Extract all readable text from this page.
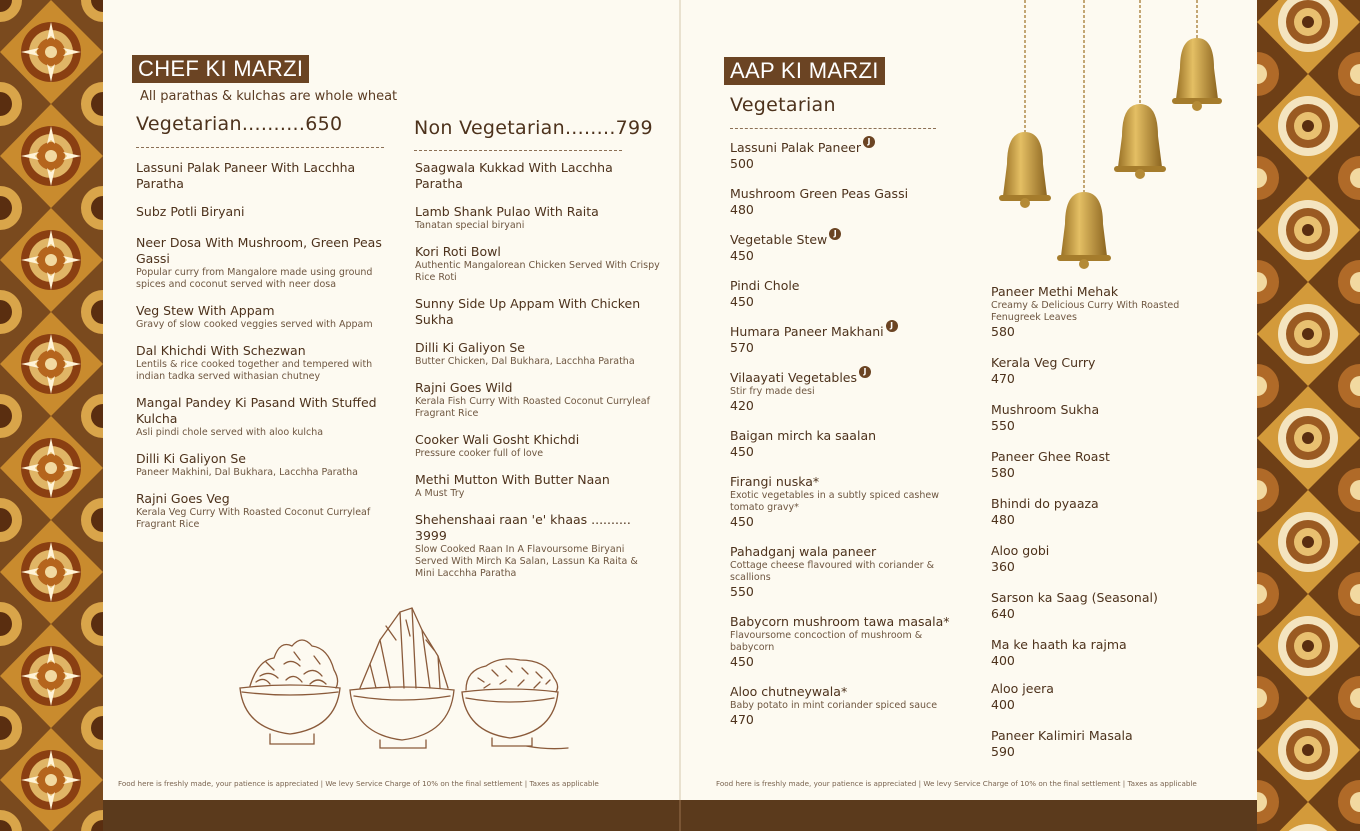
CHEF KI MARZI
All parathas & kulchas are whole wheat
Vegetarian..........650	Non Vegetarian........799
Lassuni Palak Paneer With Lacchha Paratha
Subz Potli Biryani
Neer Dosa With Mushroom, Green Peas Gassi
Popular curry from Mangalore made using ground spices and coconut served with neer dosa
Veg Stew With Appam
Gravy of slow cooked veggies served with Appam
Dal Khichdi With Schezwan
Lentils & rice cooked together and tempered with indian tadka served withasian chutney
Mangal Pandey Ki Pasand With Stuffed Kulcha
Asli pindi chole served with aloo kulcha
Dilli Ki Galiyon Se
Paneer Makhini, Dal Bukhara, Lacchha Paratha
Rajni Goes Veg
Kerala Veg Curry With Roasted Coconut Curryleaf Fragrant Rice
Saagwala Kukkad With Lacchha Paratha
Lamb Shank Pulao With Raita
Tanatan special biryani
Kori Roti Bowl
Authentic Mangalorean Chicken Served With Crispy Rice Roti
Sunny Side Up Appam With Chicken Sukha
Dilli Ki Galiyon Se
Butter Chicken, Dal Bukhara, Lacchha Paratha
Rajni Goes Wild
Kerala Fish Curry With Roasted Coconut Curryleaf Fragrant Rice
Cooker Wali Gosht Khichdi
Pressure cooker full of love
Methi Mutton With Butter Naan
A Must Try
Shehenshaai raan 'e' khaas .......... 3999
Slow Cooked Raan In A Flavoursome Biryani Served With Mirch Ka Salan, Lassun Ka Raita & Mini Lacchha Paratha
Food here is freshly made, your patience is appreciated | We levy Service Charge of 10% on the final settlement | Taxes as applicable
AAP KI MARZI
Vegetarian
Lassuni Palak Paneer J
500
Mushroom Green Peas Gassi
480
Vegetable Stew J
450
Pindi Chole
450
Humara Paneer Makhani J
570
Vilaayati Vegetables J
Stir fry made desi
420
Baigan mirch ka saalan
450
Firangi nuska*
Exotic vegetables in a subtly spiced cashew tomato gravy*
450
Pahadganj wala paneer
Cottage cheese flavoured with coriander & scallions
550
Babycorn mushroom tawa masala*
Flavoursome concoction of mushroom & babycorn
450
Aloo chutneywala*
Baby potato in mint coriander spiced sauce
470
Paneer Methi Mehak
Creamy & Delicious Curry With Roasted Fenugreek Leaves
580
Kerala Veg Curry
470
Mushroom Sukha
550
Paneer Ghee Roast
580
Bhindi do pyaaza
480
Aloo gobi
360
Sarson ka Saag (Seasonal)
640
Ma ke haath ka rajma
400
Aloo jeera
400
Paneer Kalimiri Masala
590
Food here is freshly made, your patience is appreciated | We levy Service Charge of 10% on the final settlement | Taxes as applicable
